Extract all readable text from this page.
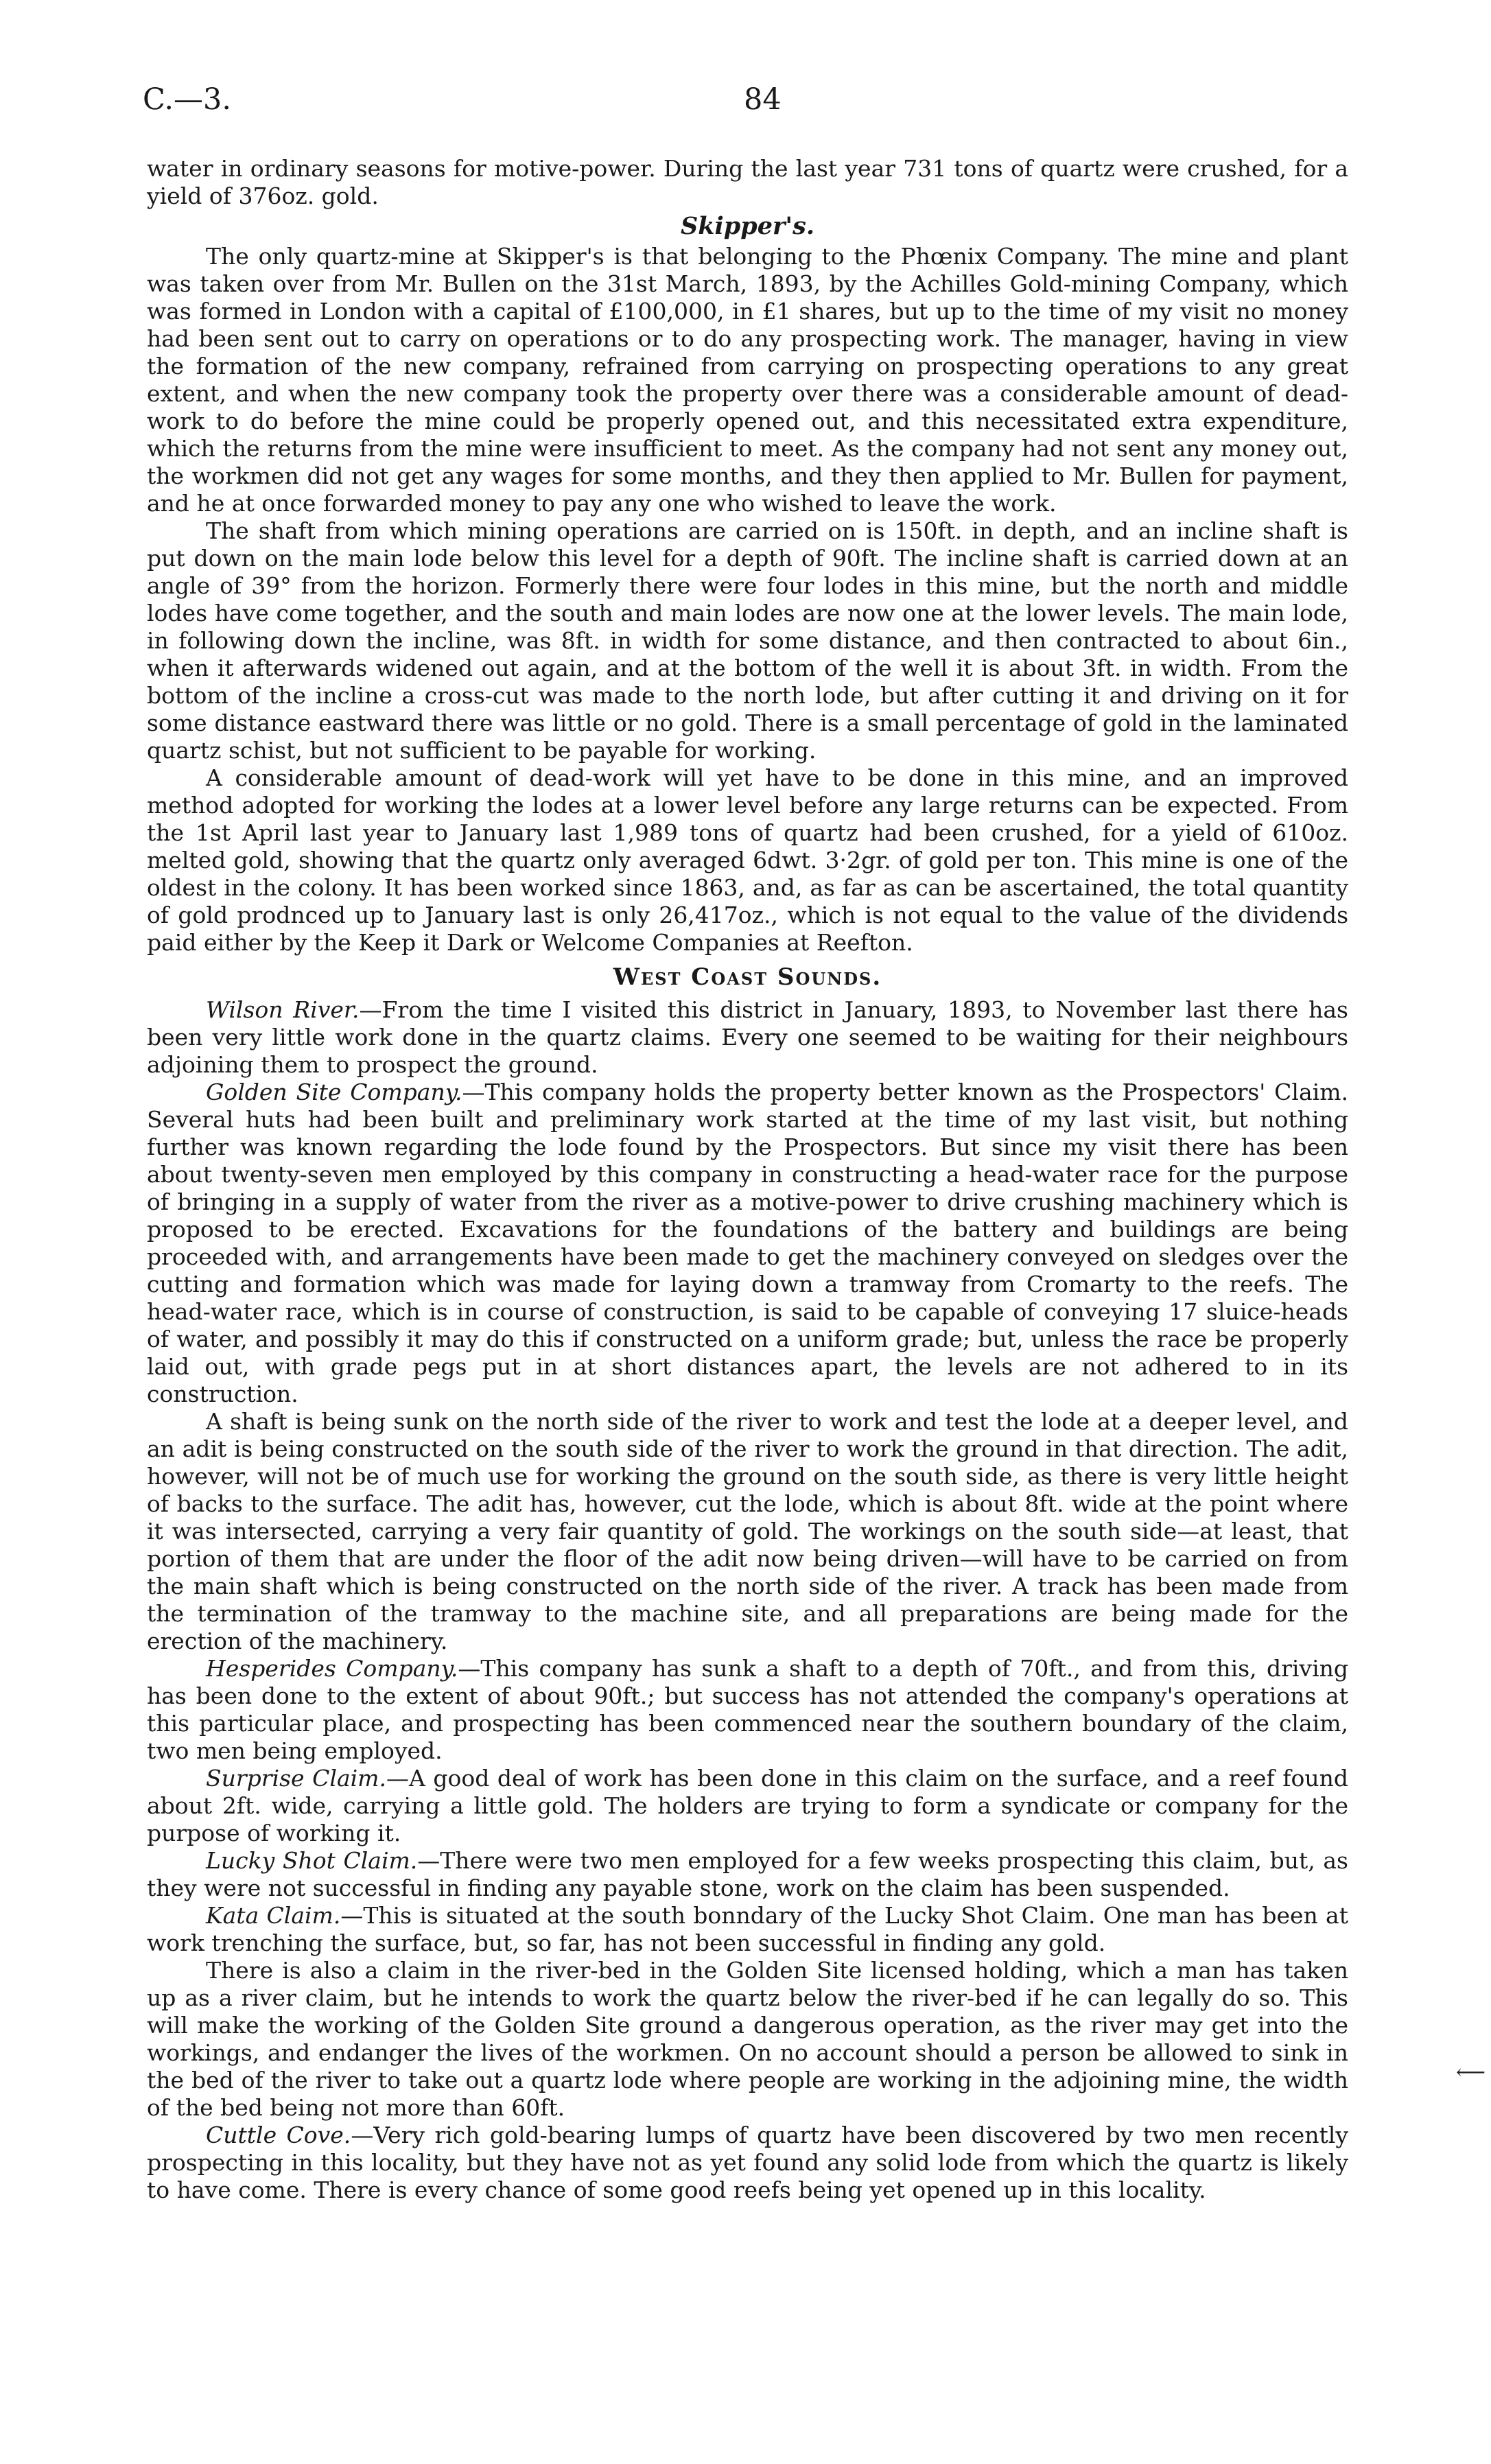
C.—3.	84

water in ordinary seasons for motive-power. During the last year 731 tons of quartz were crushed, for a yield of 376oz. gold.

Skipper's.

The only quartz-mine at Skipper's is that belonging to the Phœnix Company. The mine and plant was taken over from Mr. Bullen on the 31st March, 1893, by the Achilles Gold-mining Company, which was formed in London with a capital of £100,000, in £1 shares, but up to the time of my visit no money had been sent out to carry on operations or to do any prospecting work. The manager, having in view the formation of the new company, refrained from carrying on prospecting operations to any great extent, and when the new company took the property over there was a considerable amount of dead-work to do before the mine could be properly opened out, and this necessitated extra expenditure, which the returns from the mine were insufficient to meet. As the company had not sent any money out, the workmen did not get any wages for some months, and they then applied to Mr. Bullen for payment, and he at once forwarded money to pay any one who wished to leave the work.

The shaft from which mining operations are carried on is 150ft. in depth, and an incline shaft is put down on the main lode below this level for a depth of 90ft. The incline shaft is carried down at an angle of 39° from the horizon. Formerly there were four lodes in this mine, but the north and middle lodes have come together, and the south and main lodes are now one at the lower levels. The main lode, in following down the incline, was 8ft. in width for some distance, and then contracted to about 6in., when it afterwards widened out again, and at the bottom of the well it is about 3ft. in width. From the bottom of the incline a cross-cut was made to the north lode, but after cutting it and driving on it for some distance eastward there was little or no gold. There is a small percentage of gold in the laminated quartz schist, but not sufficient to be payable for working.

A considerable amount of dead-work will yet have to be done in this mine, and an improved method adopted for working the lodes at a lower level before any large returns can be expected. From the 1st April last year to January last 1,989 tons of quartz had been crushed, for a yield of 610oz. melted gold, showing that the quartz only averaged 6dwt. 3·2gr. of gold per ton. This mine is one of the oldest in the colony. It has been worked since 1863, and, as far as can be ascertained, the total quantity of gold prodnced up to January last is only 26,417oz., which is not equal to the value of the dividends paid either by the Keep it Dark or Welcome Companies at Reefton.

West Coast Sounds.

Wilson River.—From the time I visited this district in January, 1893, to November last there has been very little work done in the quartz claims. Every one seemed to be waiting for their neighbours adjoining them to prospect the ground.

Golden Site Company.—This company holds the property better known as the Prospectors' Claim. Several huts had been built and preliminary work started at the time of my last visit, but nothing further was known regarding the lode found by the Prospectors. But since my visit there has been about twenty-seven men employed by this company in constructing a head-water race for the purpose of bringing in a supply of water from the river as a motive-power to drive crushing machinery which is proposed to be erected. Excavations for the foundations of the battery and buildings are being proceeded with, and arrangements have been made to get the machinery conveyed on sledges over the cutting and formation which was made for laying down a tramway from Cromarty to the reefs. The head-water race, which is in course of construction, is said to be capable of conveying 17 sluice-heads of water, and possibly it may do this if constructed on a uniform grade; but, unless the race be properly laid out, with grade pegs put in at short distances apart, the levels are not adhered to in its construction.

A shaft is being sunk on the north side of the river to work and test the lode at a deeper level, and an adit is being constructed on the south side of the river to work the ground in that direction. The adit, however, will not be of much use for working the ground on the south side, as there is very little height of backs to the surface. The adit has, however, cut the lode, which is about 8ft. wide at the point where it was intersected, carrying a very fair quantity of gold. The workings on the south side—at least, that portion of them that are under the floor of the adit now being driven—will have to be carried on from the main shaft which is being constructed on the north side of the river. A track has been made from the termination of the tramway to the machine site, and all preparations are being made for the erection of the machinery.

Hesperides Company.—This company has sunk a shaft to a depth of 70ft., and from this, driving has been done to the extent of about 90ft.; but success has not attended the company's operations at this particular place, and prospecting has been commenced near the southern boundary of the claim, two men being employed.

Surprise Claim.—A good deal of work has been done in this claim on the surface, and a reef found about 2ft. wide, carrying a little gold. The holders are trying to form a syndicate or company for the purpose of working it.

Lucky Shot Claim.—There were two men employed for a few weeks prospecting this claim, but, as they were not successful in finding any payable stone, work on the claim has been suspended.

Kata Claim.—This is situated at the south bonndary of the Lucky Shot Claim. One man has been at work trenching the surface, but, so far, has not been successful in finding any gold.

There is also a claim in the river-bed in the Golden Site licensed holding, which a man has taken up as a river claim, but he intends to work the quartz below the river-bed if he can legally do so. This will make the working of the Golden Site ground a dangerous operation, as the river may get into the workings, and endanger the lives of the workmen. On no account should a person be allowed to sink in the bed of the river to take out a quartz lode where people are working in the adjoining mine, the width of the bed being not more than 60ft.

Cuttle Cove.—Very rich gold-bearing lumps of quartz have been discovered by two men recently prospecting in this locality, but they have not as yet found any solid lode from which the quartz is likely to have come. There is every chance of some good reefs being yet opened up in this locality.

⟵
